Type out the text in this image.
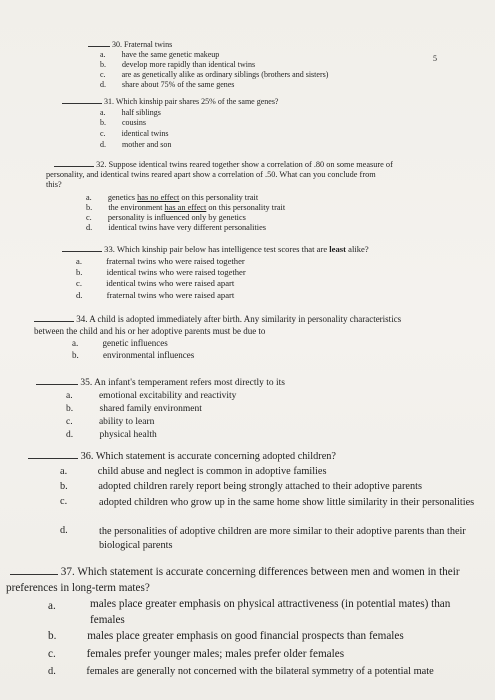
5
30. Fraternal twins
a. have the same genetic makeup
b. develop more rapidly than identical twins
c. are as genetically alike as ordinary siblings (brothers and sisters)
d. share about 75% of the same genes
31. Which kinship pair shares 25% of the same genes?
a. half siblings
b. cousins
c. identical twins
d. mother and son
32. Suppose identical twins reared together show a correlation of .80 on some measure of
personality, and identical twins reared apart show a correlation of .50. What can you conclude from
this?
a. genetics has no effect on this personality trait
b. the environment has an effect on this personality trait
c. personality is influenced only by genetics
d. identical twins have very different personalities
33. Which kinship pair below has intelligence test scores that are least alike?
a.	fraternal twins who were raised together
b.	identical twins who were raised together
c.	identical twins who were raised apart
d.	fraternal twins who were raised apart
34. A child is adopted immediately after birth. Any similarity in personality characteristics
between the child and his or her adoptive parents must be due to
a.	genetic influences
b.	environmental influences
35. An infant's temperament refers most directly to its
a.	emotional excitability and reactivity
b.	shared family environment
c.	ability to learn
d.	physical health
36. Which statement is accurate concerning adopted children?
a.	child abuse and neglect is common in adoptive families
b.	adopted children rarely report being strongly attached to their adoptive parents
c.	adopted children who grow up in the same home show little similarity in their personalities
d.	the personalities of adoptive children are more similar to their adoptive parents than their biological parents
37. Which statement is accurate concerning differences between men and women in their
preferences in long-term mates?
a.	males place greater emphasis on physical attractiveness (in potential mates) than females
b.	males place greater emphasis on good financial prospects than females
c.	females prefer younger males; males prefer older females
d.	females are generally not concerned with the bilateral symmetry of a potential mate
